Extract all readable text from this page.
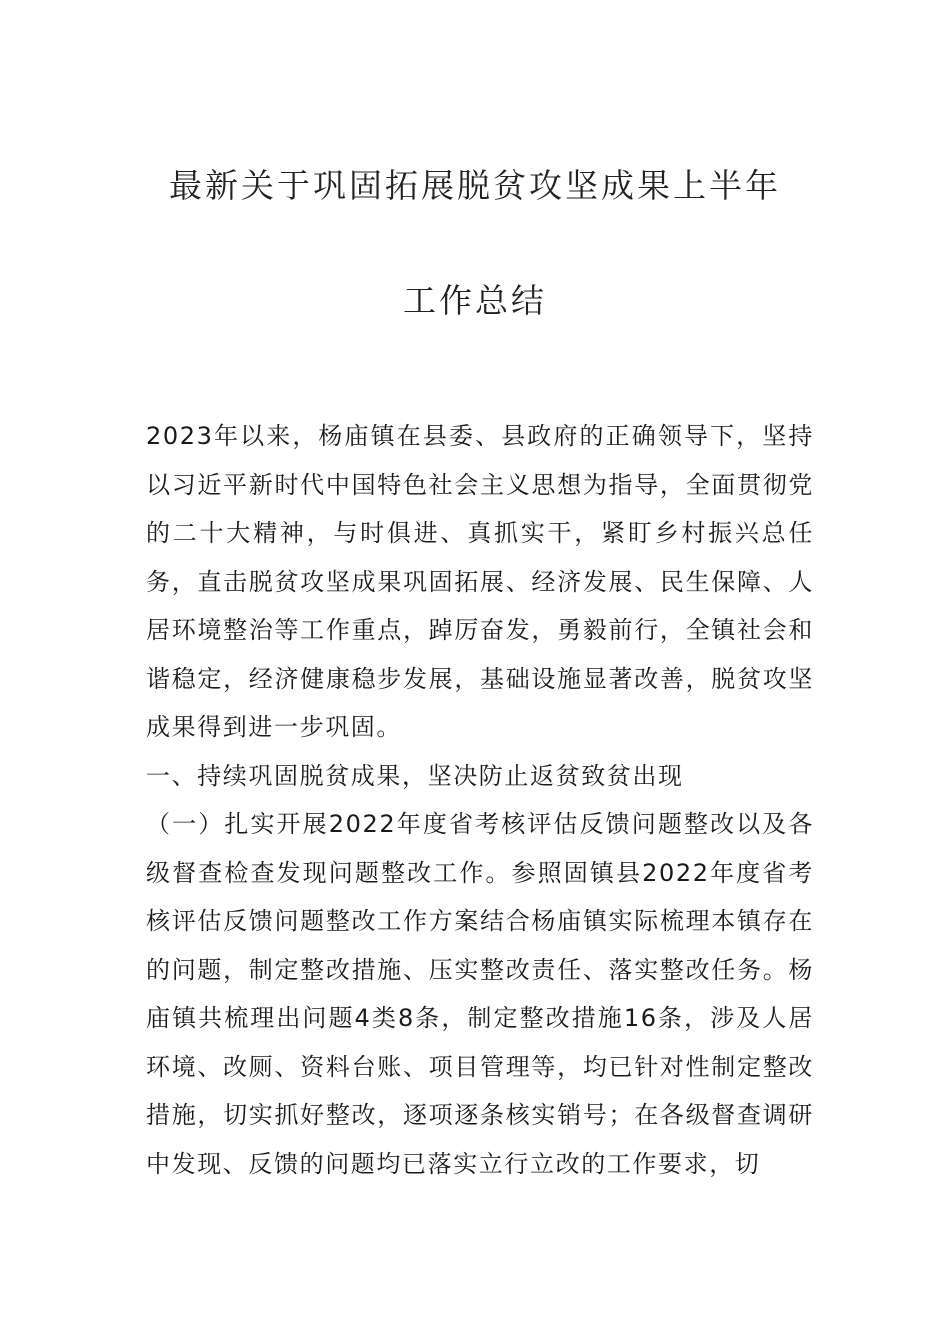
最新关于巩固拓展脱贫攻坚成果上半年
工作总结

2023年以来，杨庙镇在县委、县政府的正确领导下，坚持以习近平新时代中国特色社会主义思想为指导，全面贯彻党的二十大精神，与时俱进、真抓实干，紧盯乡村振兴总任务，直击脱贫攻坚成果巩固拓展、经济发展、民生保障、人居环境整治等工作重点，踔厉奋发，勇毅前行，全镇社会和谐稳定，经济健康稳步发展，基础设施显著改善，脱贫攻坚成果得到进一步巩固。

一、持续巩固脱贫成果，坚决防止返贫致贫出现

（一）扎实开展2022年度省考核评估反馈问题整改以及各级督查检查发现问题整改工作。参照固镇县2022年度省考核评估反馈问题整改工作方案结合杨庙镇实际梳理本镇存在的问题，制定整改措施、压实整改责任、落实整改任务。杨庙镇共梳理出问题4类8条，制定整改措施16条，涉及人居环境、改厕、资料台账、项目管理等，均已针对性制定整改措施，切实抓好整改，逐项逐条核实销号；在各级督查调研中发现、反馈的问题均已落实立行立改的工作要求，切
